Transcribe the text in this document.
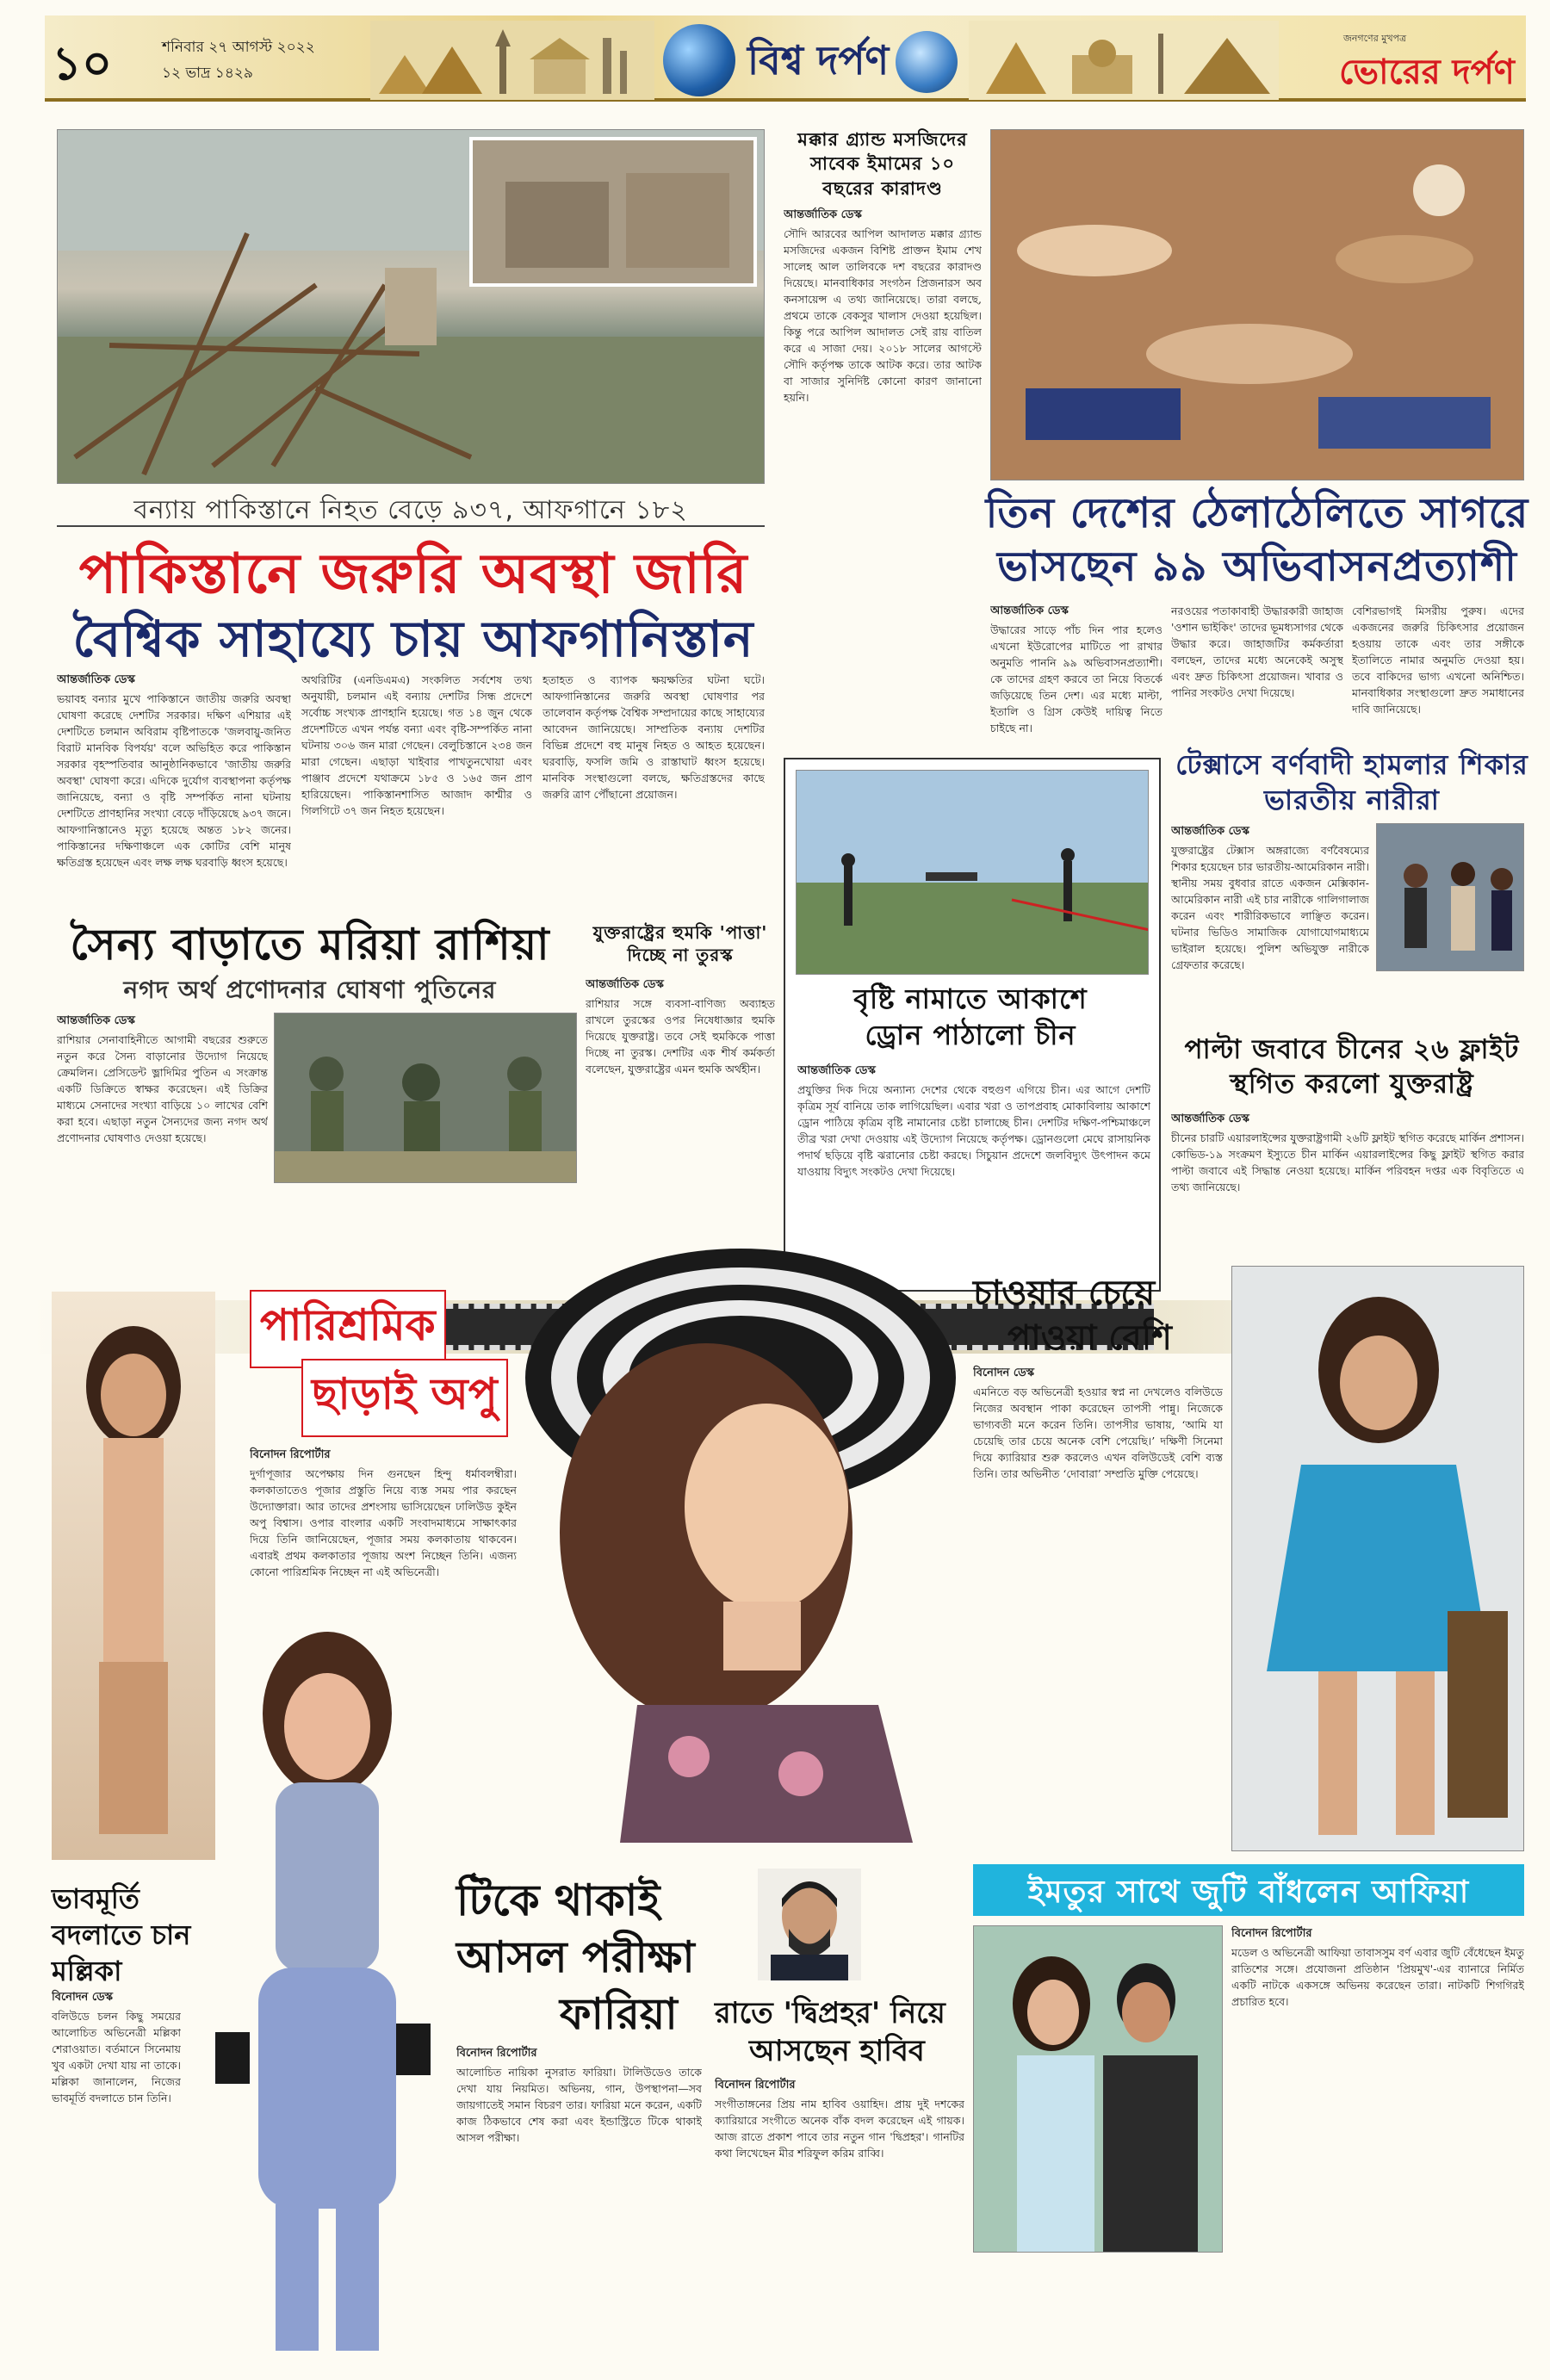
১০	শনিবার ২৭ আগস্ট ২০২২
১২ ভাদ্র ১৪২৯	বিশ্ব দর্পণ	জনগণের মুখপত্র
ভোরের দর্পণ
বন্যায় পাকিস্তানে নিহত বেড়ে ৯৩৭, আফগানে ১৮২
পাকিস্তানে জরুরি অবস্থা জারি
বৈশ্বিক সাহায্যে চায় আফগানিস্তান
আন্তর্জাতিক ডেস্ক
ভয়াবহ বন্যার মুখে পাকিস্তানে জাতীয় জরুরি অবস্থা ঘোষণা করেছে দেশটির সরকার। দক্ষিণ এশিয়ার এই দেশটিতে চলমান অবিরাম বৃষ্টিপাতকে 'জলবায়ু-জনিত বিরাট মানবিক বিপর্যয়' বলে অভিহিত করে পাকিস্তান সরকার বৃহস্পতিবার আনুষ্ঠানিকভাবে 'জাতীয় জরুরি অবস্থা' ঘোষণা করে। এদিকে দুর্যোগ ব্যবস্থাপনা কর্তৃপক্ষ জানিয়েছে, বন্যা ও বৃষ্টি সম্পর্কিত নানা ঘটনায় দেশটিতে প্রাণহানির সংখ্যা বেড়ে দাঁড়িয়েছে ৯৩৭ জনে। আফগানিস্তানেও মৃত্যু হয়েছে অন্তত ১৮২ জনের। পাকিস্তানের দক্ষিণাঞ্চলে এক কোটির বেশি মানুষ ক্ষতিগ্রস্ত হয়েছেন এবং লক্ষ লক্ষ ঘরবাড়ি ধ্বংস হয়েছে।
অথরিটির (এনডিএমএ) সংকলিত সর্বশেষ তথ্য অনুযায়ী, চলমান এই বন্যায় দেশটির সিন্ধ প্রদেশে সর্বোচ্চ সংখ্যক প্রাণহানি হয়েছে। গত ১৪ জুন থেকে প্রদেশটিতে এখন পর্যন্ত বন্যা এবং বৃষ্টি-সম্পর্কিত নানা ঘটনায় ৩০৬ জন মারা গেছেন। বেলুচিস্তানে ২৩৪ জন মারা গেছেন। এছাড়া খাইবার পাখতুনখোয়া এবং পাঞ্জাব প্রদেশে যথাক্রমে ১৮৫ ও ১৬৫ জন প্রাণ হারিয়েছেন। পাকিস্তানশাসিত আজাদ কাশ্মীর ও গিলগিটে ৩৭ জন নিহত হয়েছেন।
হতাহত ও ব্যাপক ক্ষয়ক্ষতির ঘটনা ঘটে। আফগানিস্তানের জরুরি অবস্থা ঘোষণার পর তালেবান কর্তৃপক্ষ বৈশ্বিক সম্প্রদায়ের কাছে সাহায্যের আবেদন জানিয়েছে। সাম্প্রতিক বন্যায় দেশটির বিভিন্ন প্রদেশে বহু মানুষ নিহত ও আহত হয়েছেন। ঘরবাড়ি, ফসলি জমি ও রাস্তাঘাট ধ্বংস হয়েছে। মানবিক সংস্থাগুলো বলছে, ক্ষতিগ্রস্তদের কাছে জরুরি ত্রাণ পৌঁছানো প্রয়োজন।
মক্কার গ্র্যান্ড মসজিদের সাবেক ইমামের ১০ বছরের কারাদণ্ড
আন্তর্জাতিক ডেস্ক
সৌদি আরবের আপিল আদালত মক্কার গ্র্যান্ড মসজিদের একজন বিশিষ্ট প্রাক্তন ইমাম শেখ সালেহ আল তালিবকে দশ বছরের কারাদণ্ড দিয়েছে। মানবাধিকার সংগঠন প্রিজনারস অব কনসায়েন্স এ তথ্য জানিয়েছে। তারা বলছে, প্রথমে তাকে বেকসুর খালাস দেওয়া হয়েছিল। কিন্তু পরে আপিল আদালত সেই রায় বাতিল করে এ সাজা দেয়। ২০১৮ সালের আগস্টে সৌদি কর্তৃপক্ষ তাকে আটক করে। তার আটক বা সাজার সুনির্দিষ্ট কোনো কারণ জানানো হয়নি।
তিন দেশের ঠেলাঠেলিতে সাগরে
ভাসছেন ৯৯ অভিবাসনপ্রত্যাশী
আন্তর্জাতিক ডেস্ক
উদ্ধারের সাড়ে পাঁচ দিন পার হলেও এখনো ইউরোপের মাটিতে পা রাখার অনুমতি পাননি ৯৯ অভিবাসনপ্রত্যাশী। কে তাদের গ্রহণ করবে তা নিয়ে বিতর্কে জড়িয়েছে তিন দেশ। এর মধ্যে মাল্টা, ইতালি ও গ্রিস কেউই দায়িত্ব নিতে চাইছে না।
নরওয়ের পতাকাবাহী উদ্ধারকারী জাহাজ 'ওশান ভাইকিং' তাদের ভূমধ্যসাগর থেকে উদ্ধার করে। জাহাজটির কর্মকর্তারা বলছেন, তাদের মধ্যে অনেকেই অসুস্থ এবং দ্রুত চিকিৎসা প্রয়োজন। খাবার ও পানির সংকটও দেখা দিয়েছে।
বেশিরভাগই মিসরীয় পুরুষ। এদের একজনের জরুরি চিকিৎসার প্রয়োজন হওয়ায় তাকে এবং তার সঙ্গীকে ইতালিতে নামার অনুমতি দেওয়া হয়। তবে বাকিদের ভাগ্য এখনো অনিশ্চিত। মানবাধিকার সংস্থাগুলো দ্রুত সমাধানের দাবি জানিয়েছে।
সৈন্য বাড়াতে মরিয়া রাশিয়া
নগদ অর্থ প্রণোদনার ঘোষণা পুতিনের
আন্তর্জাতিক ডেস্ক
রাশিয়ার সেনাবাহিনীতে আগামী বছরের শুরুতে নতুন করে সৈন্য বাড়ানোর উদ্যোগ নিয়েছে ক্রেমলিন। প্রেসিডেন্ট ভ্লাদিমির পুতিন এ সংক্রান্ত একটি ডিক্রিতে স্বাক্ষর করেছেন। এই ডিক্রির মাধ্যমে সেনাদের সংখ্যা বাড়িয়ে ১০ লাখের বেশি করা হবে। এছাড়া নতুন সৈন্যদের জন্য নগদ অর্থ প্রণোদনার ঘোষণাও দেওয়া হয়েছে।
যুক্তরাষ্ট্রের হুমকি 'পাত্তা' দিচ্ছে না তুরস্ক
আন্তর্জাতিক ডেস্ক
রাশিয়ার সঙ্গে ব্যবসা-বাণিজ্য অব্যাহত রাখলে তুরস্কের ওপর নিষেধাজ্ঞার হুমকি দিয়েছে যুক্তরাষ্ট্র। তবে সেই হুমকিকে পাত্তা দিচ্ছে না তুরস্ক। দেশটির এক শীর্ষ কর্মকর্তা বলেছেন, যুক্তরাষ্ট্রের এমন হুমকি অর্থহীন।
বৃষ্টি নামাতে আকাশে ড্রোন পাঠালো চীন
আন্তর্জাতিক ডেস্ক
প্রযুক্তির দিক দিয়ে অন্যান্য দেশের থেকে বহুগুণ এগিয়ে চীন। এর আগে দেশটি কৃত্রিম সূর্য বানিয়ে তাক লাগিয়েছিল। এবার খরা ও তাপপ্রবাহ মোকাবিলায় আকাশে ড্রোন পাঠিয়ে কৃত্রিম বৃষ্টি নামানোর চেষ্টা চালাচ্ছে চীন। দেশটির দক্ষিণ-পশ্চিমাঞ্চলে তীব্র খরা দেখা দেওয়ায় এই উদ্যোগ নিয়েছে কর্তৃপক্ষ। ড্রোনগুলো মেঘে রাসায়নিক পদার্থ ছড়িয়ে বৃষ্টি ঝরানোর চেষ্টা করছে। সিচুয়ান প্রদেশে জলবিদ্যুৎ উৎপাদন কমে যাওয়ায় বিদ্যুৎ সংকটও দেখা দিয়েছে।
টেক্সাসে বর্ণবাদী হামলার শিকার ভারতীয় নারীরা
আন্তর্জাতিক ডেস্ক
যুক্তরাষ্ট্রের টেক্সাস অঙ্গরাজ্যে বর্ণবৈষম্যের শিকার হয়েছেন চার ভারতীয়-আমেরিকান নারী। স্থানীয় সময় বুধবার রাতে একজন মেক্সিকান-আমেরিকান নারী এই চার নারীকে গালিগালাজ করেন এবং শারীরিকভাবে লাঞ্ছিত করেন। ঘটনার ভিডিও সামাজিক যোগাযোগমাধ্যমে ভাইরাল হয়েছে। পুলিশ অভিযুক্ত নারীকে গ্রেফতার করেছে।
পাল্টা জবাবে চীনের ২৬ ফ্লাইট স্থগিত করলো যুক্তরাষ্ট্র
আন্তর্জাতিক ডেস্ক
চীনের চারটি এয়ারলাইন্সের যুক্তরাষ্ট্রগামী ২৬টি ফ্লাইট স্থগিত করেছে মার্কিন প্রশাসন। কোভিড-১৯ সংক্রমণ ইস্যুতে চীন মার্কিন এয়ারলাইন্সের কিছু ফ্লাইট স্থগিত করার পাল্টা জবাবে এই সিদ্ধান্ত নেওয়া হয়েছে। মার্কিন পরিবহন দপ্তর এক বিবৃতিতে এ তথ্য জানিয়েছে।
পারিশ্রমিক
ছাড়াই অপু
বিনোদন রিপোর্টার
দুর্গাপূজার অপেক্ষায় দিন গুনছেন হিন্দু ধর্মাবলম্বীরা। কলকাতাতেও পূজার প্রস্তুতি নিয়ে ব্যস্ত সময় পার করছেন উদ্যোক্তারা। আর তাদের প্রশংসায় ভাসিয়েছেন ঢালিউড কুইন অপু বিশ্বাস। ওপার বাংলার একটি সংবাদমাধ্যমে সাক্ষাৎকার দিয়ে তিনি জানিয়েছেন, পূজার সময় কলকাতায় থাকবেন। এবারই প্রথম কলকাতার পূজায় অংশ নিচ্ছেন তিনি। এজন্য কোনো পারিশ্রমিক নিচ্ছেন না এই অভিনেত্রী।
ভাবমূর্তি
বদলাতে চান
মল্লিকা
বিনোদন ডেস্ক
বলিউডে চলন কিছু সময়ের আলোচিত অভিনেত্রী মল্লিকা শেরাওয়াত। বর্তমানে সিনেমায় খুব একটা দেখা যায় না তাকে। মল্লিকা জানালেন, নিজের ভাবমূর্তি বদলাতে চান তিনি।
চাওয়ার চেয়ে
পাওয়া বেশি
বিনোদন ডেস্ক
এমনিতে বড় অভিনেত্রী হওয়ার স্বপ্ন না দেখলেও বলিউডে নিজের অবস্থান পাকা করেছেন তাপসী পান্নু। নিজেকে ভাগ্যবতী মনে করেন তিনি। তাপসীর ভাষায়, ‘আমি যা চেয়েছি তার চেয়ে অনেক বেশি পেয়েছি।’ দক্ষিণী সিনেমা দিয়ে ক্যারিয়ার শুরু করলেও এখন বলিউডেই বেশি ব্যস্ত তিনি। তার অভিনীত ‘দোবারা’ সম্প্রতি মুক্তি পেয়েছে।
টিকে থাকাই
আসল পরীক্ষা
ফারিয়া
বিনোদন রিপোর্টার
আলোচিত নায়িকা নুসরাত ফারিয়া। টালিউডেও তাকে দেখা যায় নিয়মিত। অভিনয়, গান, উপস্থাপনা—সব জায়গাতেই সমান বিচরণ তার। ফারিয়া মনে করেন, একটি কাজ ঠিকভাবে শেষ করা এবং ইন্ডাস্ট্রিতে টিকে থাকাই আসল পরীক্ষা।
রাতে 'দ্বিপ্রহর' নিয়ে
আসছেন হাবিব
বিনোদন রিপোর্টার
সংগীতাঙ্গনের প্রিয় নাম হাবিব ওয়াহিদ। প্রায় দুই দশকের ক্যারিয়ারে সংগীতে অনেক বাঁক বদল করেছেন এই গায়ক। আজ রাতে প্রকাশ পাবে তার নতুন গান 'দ্বিপ্রহর'। গানটির কথা লিখেছেন মীর শরিফুল করিম রাব্বি।
ইমতুর সাথে জুটি বাঁধলেন আফিয়া
বিনোদন রিপোর্টার
মডেল ও অভিনেত্রী আফিয়া তাবাসসুম বর্ণ এবার জুটি বেঁধেছেন ইমতু রাতিশের সঙ্গে। প্রযোজনা প্রতিষ্ঠান 'প্রিয়মুখ'-এর ব্যানারে নির্মিত একটি নাটকে একসঙ্গে অভিনয় করেছেন তারা। নাটকটি শিগগিরই প্রচারিত হবে।
